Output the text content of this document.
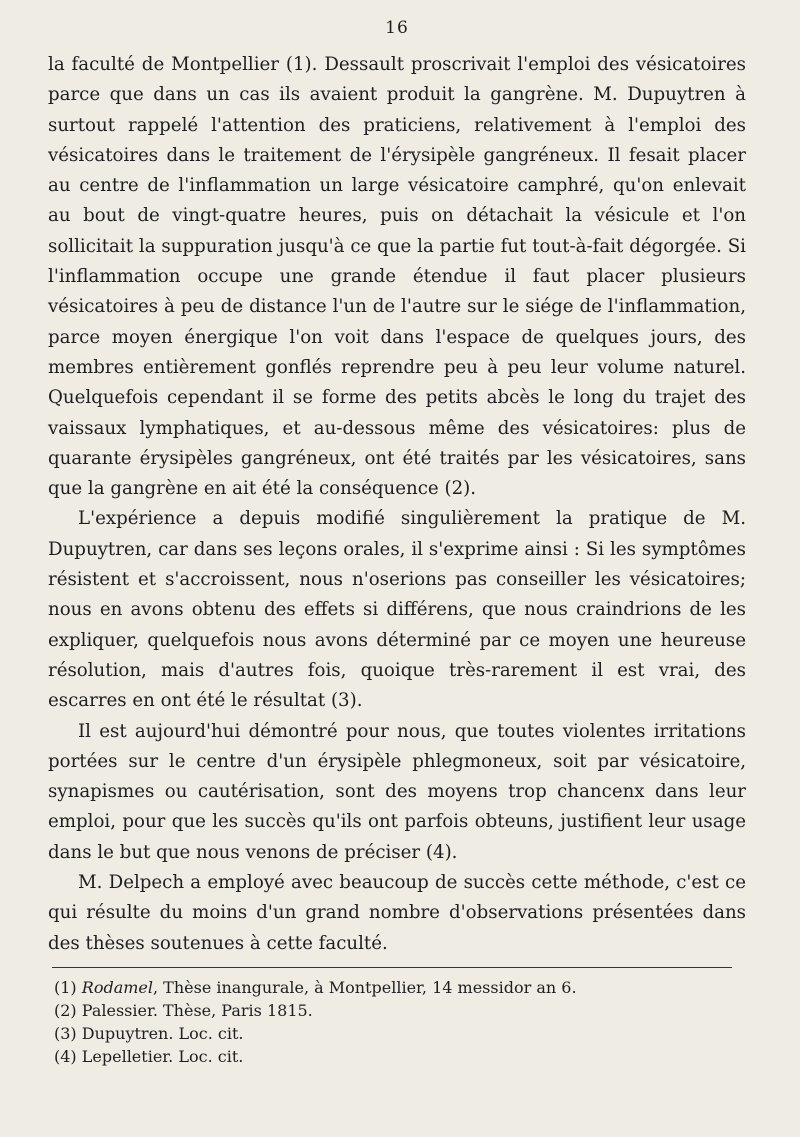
16

la faculté de Montpellier (1). Dessault proscrivait l'emploi des vésicatoires parce que dans un cas ils avaient produit la gangrène. M. Dupuytren à surtout rappelé l'attention des praticiens, relativement à l'emploi des vésicatoires dans le traitement de l'érysipèle gangréneux. Il fesait placer au centre de l'inflammation un large vésicatoire camphré, qu'on enlevait au bout de vingt-quatre heures, puis on détachait la vésicule et l'on sollicitait la suppuration jusqu'à ce que la partie fut tout-à-fait dégorgée. Si l'inflammation occupe une grande étendue il faut placer plusieurs vésicatoires à peu de distance l'un de l'autre sur le siége de l'inflammation, parce moyen énergique l'on voit dans l'espace de quelques jours, des membres entièrement gonflés reprendre peu à peu leur volume naturel. Quelquefois cependant il se forme des petits abcès le long du trajet des vaissaux lymphatiques, et au-dessous même des vésicatoires: plus de quarante érysipèles gangréneux, ont été traités par les vésicatoires, sans que la gangrène en ait été la conséquence (2).

L'expérience a depuis modifié singulièrement la pratique de M. Dupuytren, car dans ses leçons orales, il s'exprime ainsi : Si les symptômes résistent et s'accroissent, nous n'oserions pas conseiller les vésicatoires; nous en avons obtenu des effets si différens, que nous craindrions de les expliquer, quelquefois nous avons déterminé par ce moyen une heureuse résolution, mais d'autres fois, quoique très-rarement il est vrai, des escarres en ont été le résultat (3).

Il est aujourd'hui démontré pour nous, que toutes violentes irritations portées sur le centre d'un érysipèle phlegmoneux, soit par vésicatoire, synapismes ou cautérisation, sont des moyens trop chancenx dans leur emploi, pour que les succès qu'ils ont parfois obteuns, justifient leur usage dans le but que nous venons de préciser (4).

M. Delpech a employé avec beaucoup de succès cette méthode, c'est ce qui résulte du moins d'un grand nombre d'observations présentées dans des thèses soutenues à cette faculté.

(1) Rodamel, Thèse inangurale, à Montpellier, 14 messidor an 6.
(2) Palessier. Thèse, Paris 1815.
(3) Dupuytren. Loc. cit.
(4) Lepelletier. Loc. cit.
